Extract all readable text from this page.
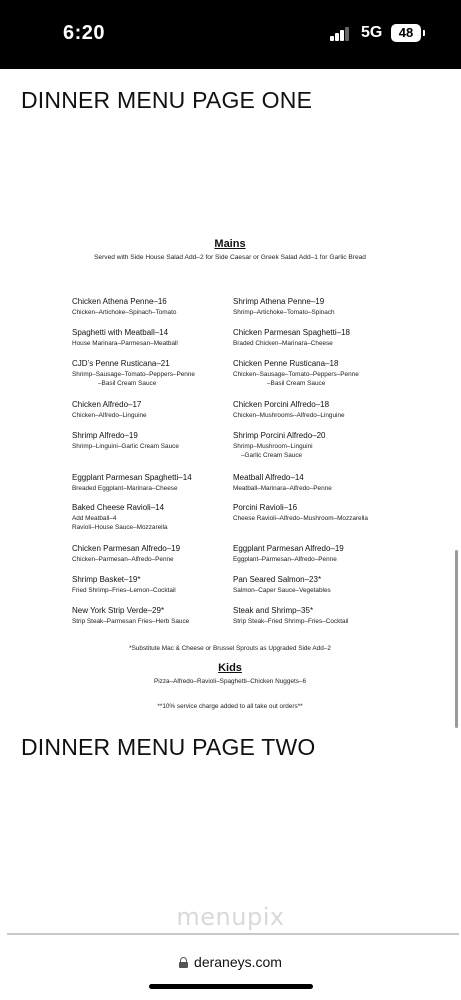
6:20	5G	48
DINNER MENU PAGE ONE
Mains
Served with Side House Salad Add–2 for Side Caesar or Greek Salad Add–1 for Garlic Bread
Chicken Athena Penne–16
Chicken–Artichoke–Spinach–Tomato
Spaghetti with Meatball–14
House Marinara–Parmesan–Meatball
CJD’s Penne Rusticana–21
Shrimp–Sausage–Tomato–Peppers–Penne
–Basil Cream Sauce
Chicken Alfredo–17
Chicken–Alfredo–Linguine
Shrimp Alfredo–19
Shrimp–Linguini–Garlic Cream Sauce
Eggplant Parmesan Spaghetti–14
Breaded Eggplant–Marinara–Cheese
Baked Cheese Ravioli–14
Add Meatball–4
Ravioli–House Sauce–Mozzarella
Chicken Parmesan Alfredo–19
Chicken–Parmesan–Alfredo–Penne
Shrimp Basket–19*
Fried Shrimp–Fries–Lemon–Cocktail
New York Strip Verde–29*
Strip Steak–Parmesan Fries–Herb Sauce
Shrimp Athena Penne–19
Shrimp–Artichoke–Tomato–Spinach
Chicken Parmesan Spaghetti–18
Braded Chicken–Marinara–Cheese
Chicken Penne Rusticana–18
Chicken–Sausage–Tomato–Peppers–Penne
–Basil Cream Sauce
Chicken Porcini Alfredo–18
Chicken–Mushrooms–Alfredo–Linguine
Shrimp Porcini Alfredo–20
Shrimp–Mushroom–Linguini
–Garlic Cream Sauce
Meatball Alfredo–14
Meatball–Marinara–Alfredo–Penne
Porcini Ravioli–16
Cheese Ravioli–Alfredo–Mushroom–Mozzarella
Eggplant Parmesan Alfredo–19
Eggplant–Parmesan–Alfredo–Penne
Pan Seared Salmon–23*
Salmon–Caper Sauce–Vegetables
Steak and Shrimp–35*
Strip Steak–Fried Shrimp–Fries–Cocktail
*Substitute Mac & Cheese or Brussel Sprouts as Upgraded Side Add–2
Kids
Pizza–Alfredo–Ravioli–Spaghetti–Chicken Nuggets–6
**10% service charge added to all take out orders**
DINNER MENU PAGE TWO
menupix
deraneys.com
